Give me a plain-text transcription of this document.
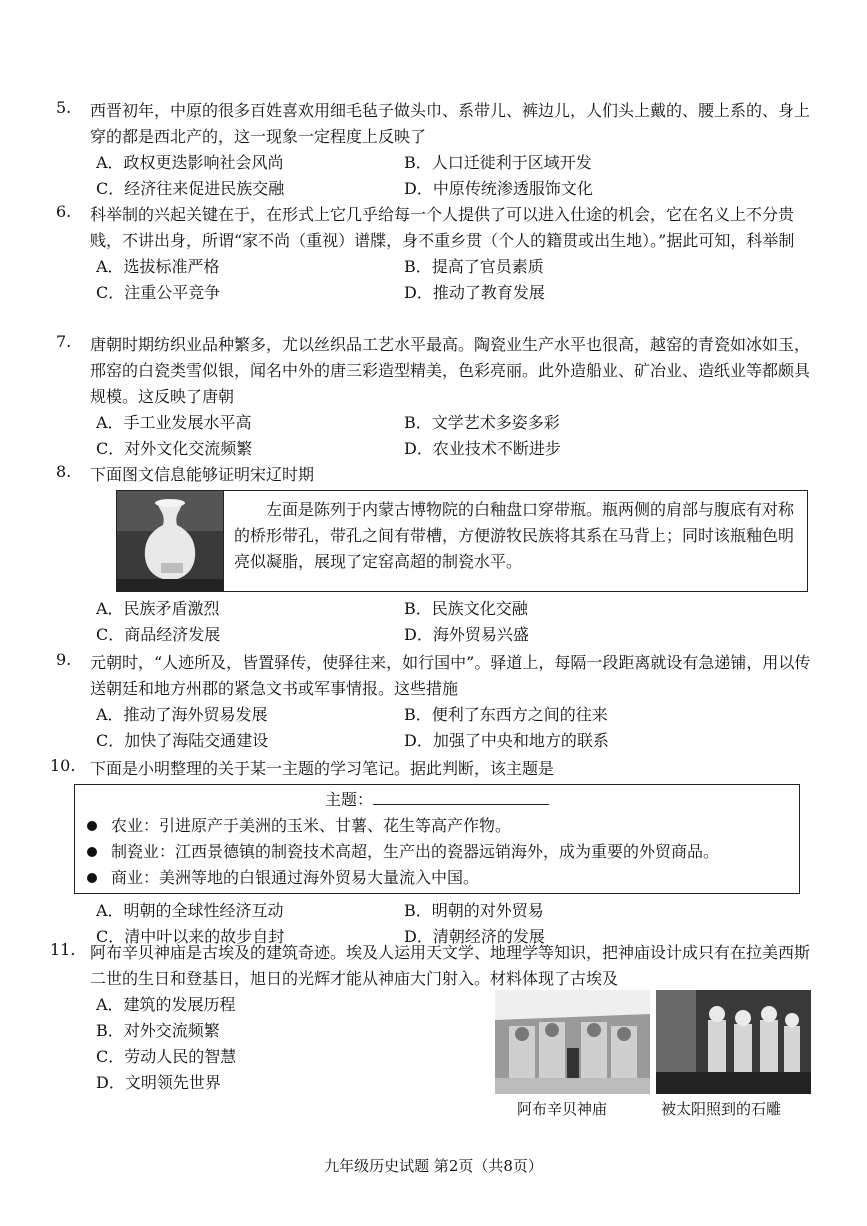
5.	西晋初年，中原的很多百姓喜欢用细毛毡子做头巾、系带儿、裤边儿，人们头上戴的、腰上系的、身上穿的都是西北产的，这一现象一定程度上反映了
A．政权更迭影响社会风尚	B．人口迁徙利于区域开发
C．经济往来促进民族交融	D．中原传统渗透服饰文化
6.	科举制的兴起关键在于，在形式上它几乎给每一个人提供了可以进入仕途的机会，它在名义上不分贵贱，不讲出身，所谓“家不尚（重视）谱牒，身不重乡贯（个人的籍贯或出生地）。”据此可知，科举制
A．选拔标准严格	B．提高了官员素质
C．注重公平竞争	D．推动了教育发展
7.	唐朝时期纺织业品种繁多，尤以丝织品工艺水平最高。陶瓷业生产水平也很高，越窑的青瓷如冰如玉，邢窑的白瓷类雪似银，闻名中外的唐三彩造型精美，色彩亮丽。此外造船业、矿冶业、造纸业等都颇具规模。这反映了唐朝
A．手工业发展水平高	B．文学艺术多姿多彩
C．对外文化交流频繁	D．农业技术不断进步
8.	下面图文信息能够证明宋辽时期
左面是陈列于内蒙古博物院的白釉盘口穿带瓶。瓶两侧的肩部与腹底有对称的桥形带孔，带孔之间有带槽，方便游牧民族将其系在马背上；同时该瓶釉色明亮似凝脂，展现了定窑高超的制瓷水平。
A．民族矛盾激烈	B．民族文化交融
C．商品经济发展	D．海外贸易兴盛
9.	元朝时，“人迹所及，皆置驿传，使驿往来，如行国中”。驿道上，每隔一段距离就设有急递铺，用以传送朝廷和地方州郡的紧急文书或军事情报。这些措施
A．推动了海外贸易发展	B．便利了东西方之间的往来
C．加快了海陆交通建设	D．加强了中央和地方的联系
10. 下面是小明整理的关于某一主题的学习笔记。据此判断，该主题是
主题：
农业：引进原产于美洲的玉米、甘薯、花生等高产作物。
制瓷业：江西景德镇的制瓷技术高超，生产出的瓷器远销海外，成为重要的外贸商品。
商业：美洲等地的白银通过海外贸易大量流入中国。
A．明朝的全球性经济互动	B．明朝的对外贸易
C．清中叶以来的故步自封	D．清朝经济的发展
11. 阿布辛贝神庙是古埃及的建筑奇迹。埃及人运用天文学、地理学等知识，把神庙设计成只有在拉美西斯二世的生日和登基日，旭日的光辉才能从神庙大门射入。材料体现了古埃及
A．建筑的发展历程
B．对外交流频繁
C．劳动人民的智慧
D．文明领先世界
阿布辛贝神庙	被太阳照到的石雕
九年级历史试题 第2页（共8页）
